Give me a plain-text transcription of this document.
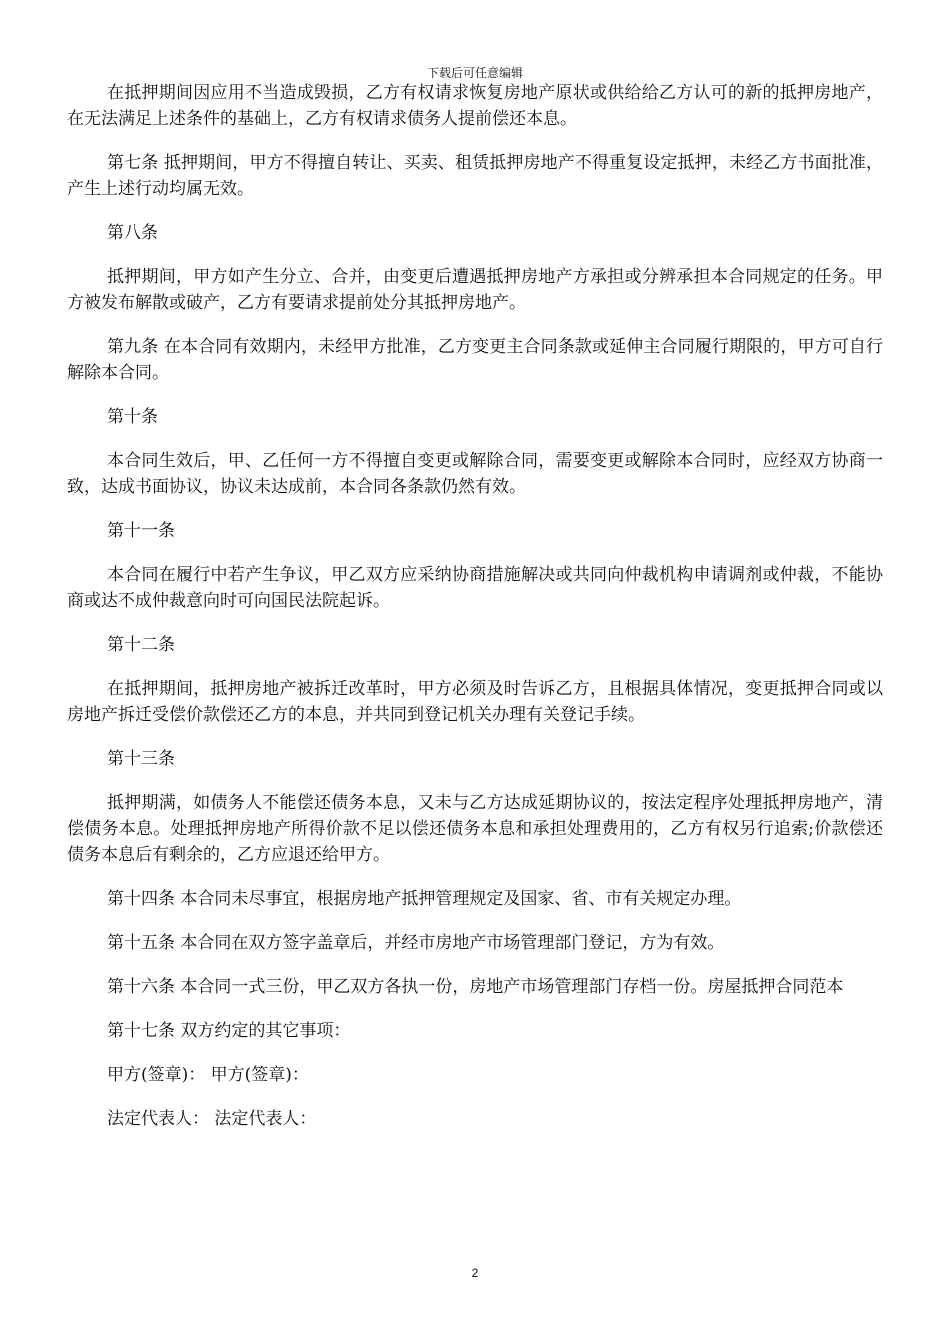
下载后可任意编辑

在抵押期间因应用不当造成毁损，乙方有权请求恢复房地产原状或供给给乙方认可的新的抵押房地产，在无法满足上述条件的基础上，乙方有权请求债务人提前偿还本息。

第七条 抵押期间，甲方不得擅自转让、买卖、租赁抵押房地产不得重复设定抵押，未经乙方书面批准，产生上述行动均属无效。

第八条

抵押期间，甲方如产生分立、合并，由变更后遭遇抵押房地产方承担或分辨承担本合同规定的任务。甲方被发布解散或破产，乙方有要请求提前处分其抵押房地产。

第九条 在本合同有效期内，未经甲方批准，乙方变更主合同条款或延伸主合同履行期限的，甲方可自行解除本合同。

第十条

本合同生效后，甲、乙任何一方不得擅自变更或解除合同，需要变更或解除本合同时，应经双方协商一致，达成书面协议，协议未达成前，本合同各条款仍然有效。

第十一条

本合同在履行中若产生争议，甲乙双方应采纳协商措施解决或共同向仲裁机构申请调剂或仲裁，不能协商或达不成仲裁意向时可向国民法院起诉。

第十二条

在抵押期间，抵押房地产被拆迁改革时，甲方必须及时告诉乙方，且根据具体情况，变更抵押合同或以房地产拆迁受偿价款偿还乙方的本息，并共同到登记机关办理有关登记手续。

第十三条

抵押期满，如债务人不能偿还债务本息，又未与乙方达成延期协议的，按法定程序处理抵押房地产，清偿债务本息。处理抵押房地产所得价款不足以偿还债务本息和承担处理费用的，乙方有权另行追索;价款偿还债务本息后有剩余的，乙方应退还给甲方。

第十四条 本合同未尽事宜，根据房地产抵押管理规定及国家、省、市有关规定办理。

第十五条 本合同在双方签字盖章后，并经市房地产市场管理部门登记，方为有效。

第十六条 本合同一式三份，甲乙双方各执一份，房地产市场管理部门存档一份。房屋抵押合同范本

第十七条 双方约定的其它事项：

甲方(签章)： 甲方(签章)：

法定代表人： 法定代表人：

2
